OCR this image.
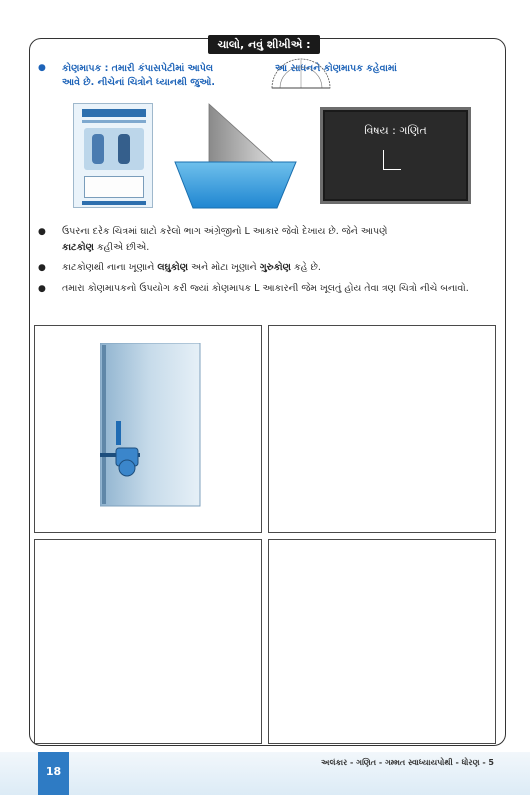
ચાલો, નવું શીખીએ :
● કોણમાપક : તમારી કંપાસપેટીમાં આપેલ	આ સાધનને કોણમાપક કહેવામાં
આવે છે. નીચેનાં ચિત્રોને ધ્યાનથી જુઓ.
વિષય : ગણિત
● ઉપરના દરેક ચિત્રમાં ઘાટો કરેલો ભાગ અંગ્રેજીનો L આકાર જેવો દેખાય છે. જેને આપણે
કાટકોણ કહીએ છીએ.
● કાટકોણથી નાના ખૂણાને લઘુકોણ અને મોટા ખૂણાને ગુરુકોણ કહે છે.
● તમારા કોણમાપકનો ઉપયોગ કરી જ્યાં કોણમાપક L આકારની જેમ ખૂલતું હોય તેવા ત્રણ ચિત્રો નીચે બનાવો.
અલંકાર - ગણિત - ગમ્મત સ્વાધ્યાયપોથી - ધોરણ - 5
18
